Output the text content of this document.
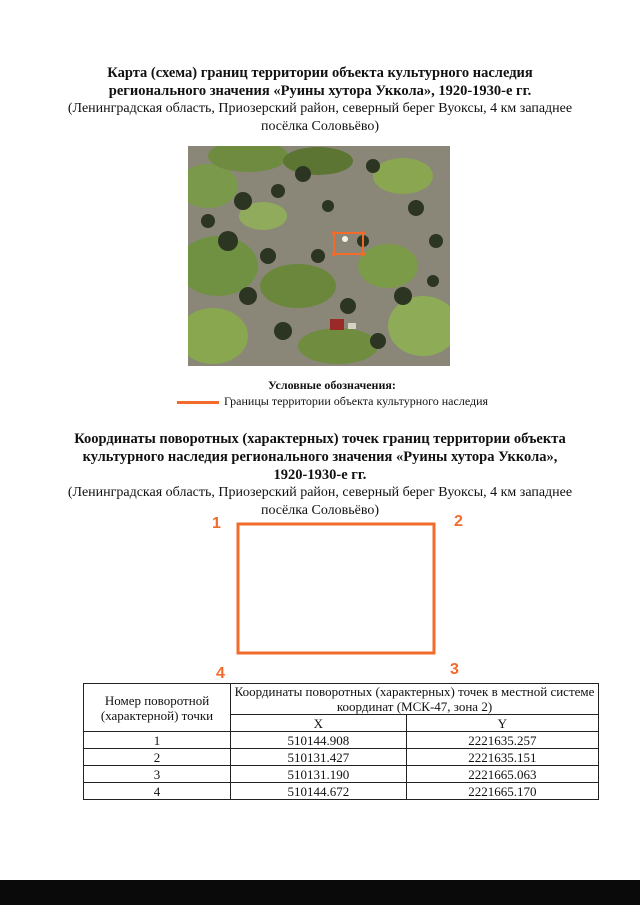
Карта (схема) границ территории объекта культурного наследия
регионального значения «Руины хутора Уккола», 1920-1930-е гг.
(Ленинградская область, Приозерский район, северный берег Вуоксы, 4 км западнее
посёлка Соловьёво)
Условные обозначения:
Границы территории объекта культурного наследия
Координаты поворотных (характерных) точек границ территории объекта
культурного наследия регионального значения «Руины хутора Уккола»,
1920-1930-е гг.
(Ленинградская область, Приозерский район, северный берег Вуоксы, 4 км западнее
посёлка Соловьёво)
1	2
3
4
Номер поворотной (характерной) точки	Координаты поворотных (характерных) точек в местной системе координат (МСК-47, зона 2)	
	X	Y
1	510144.908	2221635.257
2	510131.427	2221635.151
3	510131.190	2221665.063
4	510144.672	2221665.170
